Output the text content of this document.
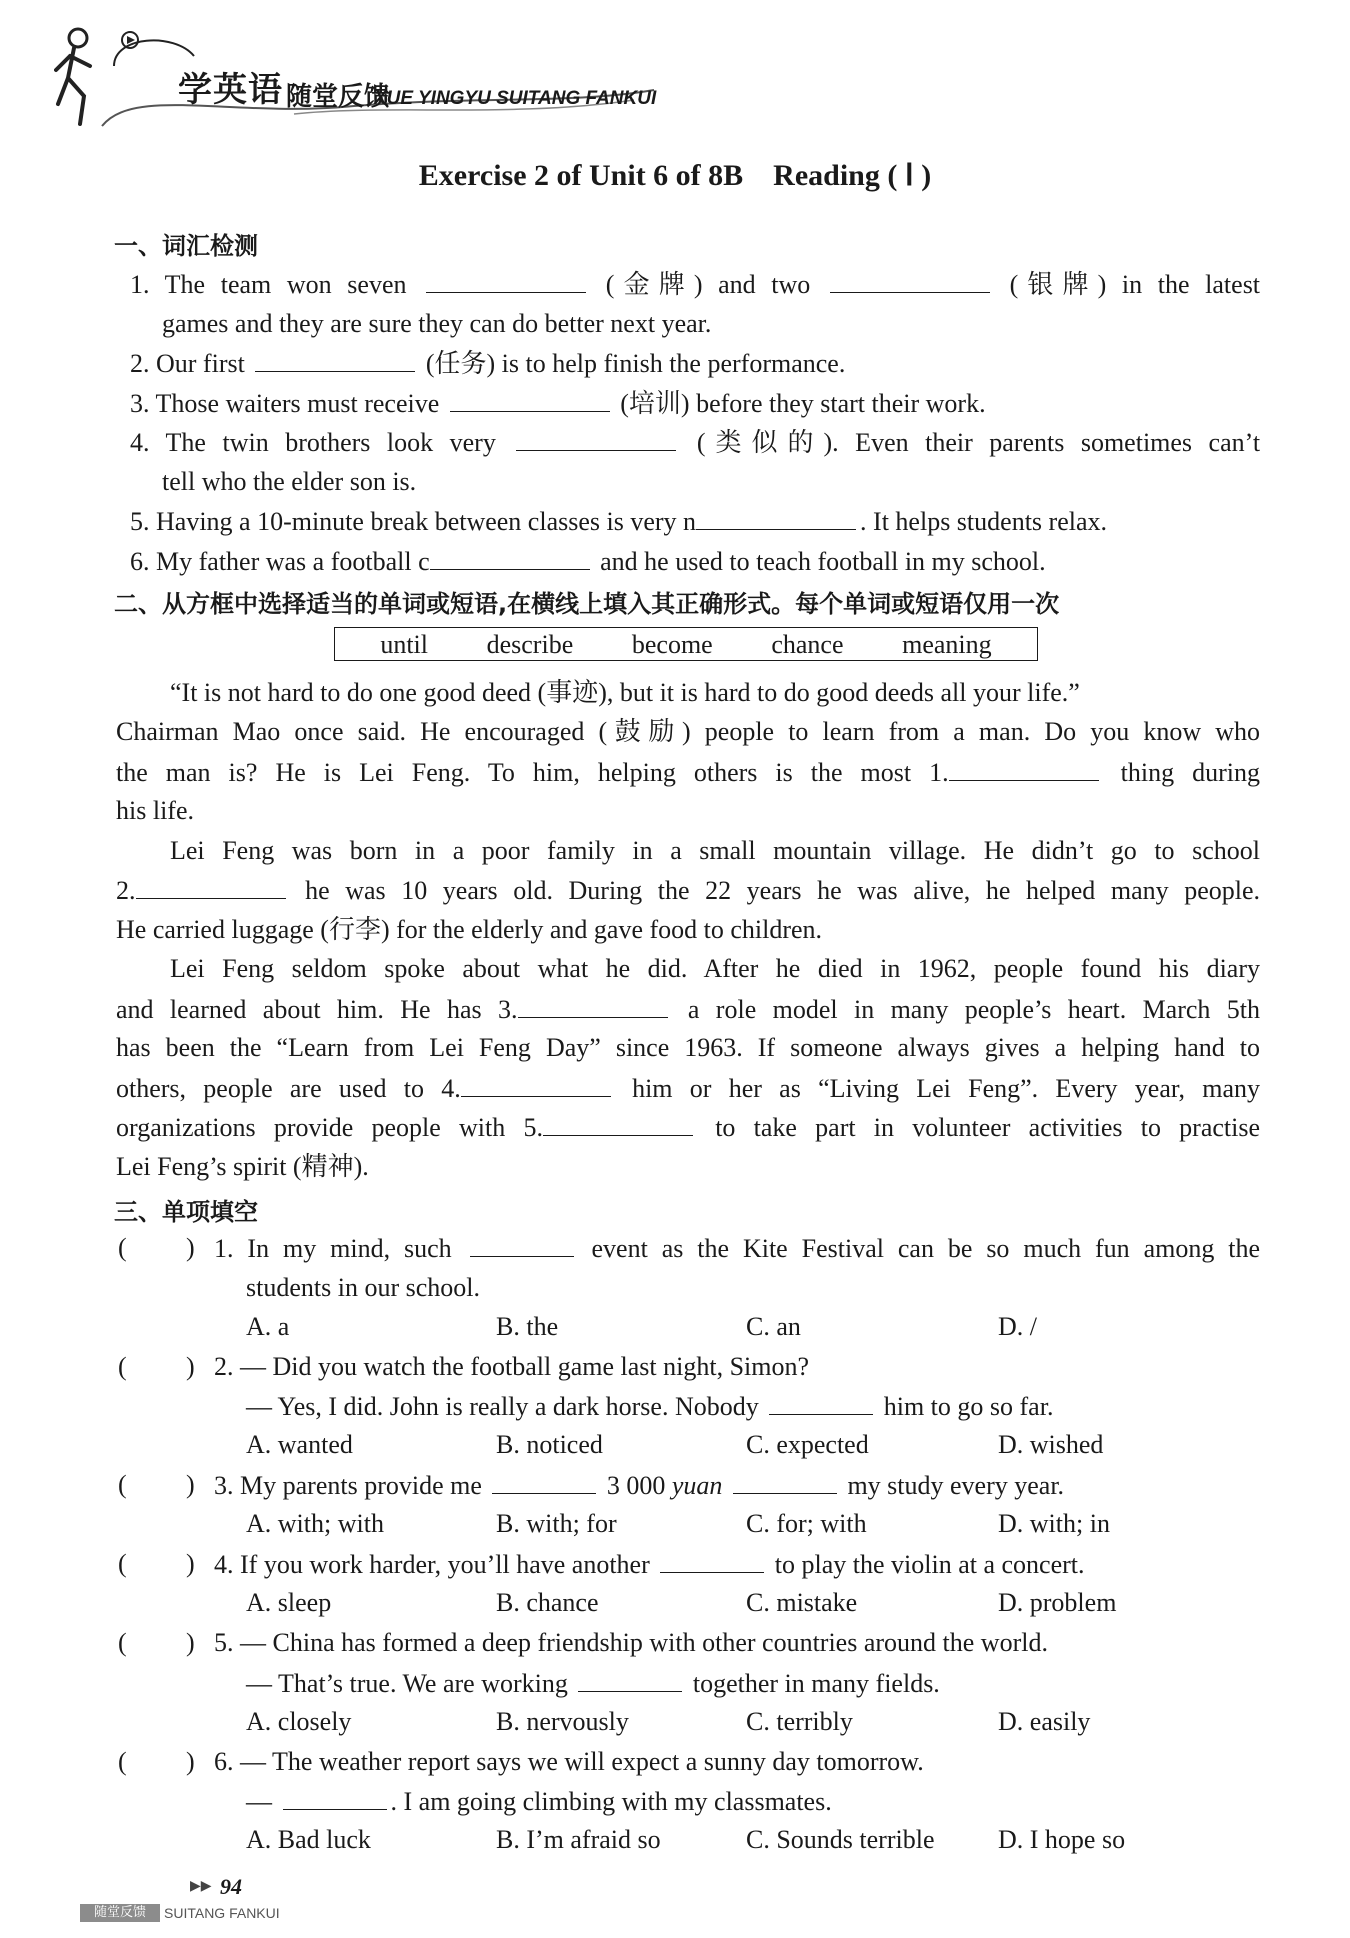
学英语 随堂反馈
XUE YINGYU SUITANG FANKUI
Exercise 2 of Unit 6 of 8B    Reading ( Ⅰ )
一、词汇检测
1. The team won seven	(金牌) and two	(银牌) in the latest
games and they are sure they can do better next year.
2. Our first	(任务) is to help finish the performance.
3. Those waiters must receive	(培训) before they start their work.
4. The twin brothers look very	(类似的). Even their parents sometimes can’t
tell who the elder son is.
5. Having a 10-minute break between classes is very n	. It helps students relax.
6. My father was a football c	and he used to teach football in my school.
二、从方框中选择适当的单词或短语,在横线上填入其正确形式。每个单词或短语仅用一次
until describe become chance meaning
“It is not hard to do one good deed (事迹), but it is hard to do good deeds all your life.”
Chairman Mao once said. He encouraged (鼓励) people to learn from a man. Do you know who
the man is? He is Lei Feng. To him, helping others is the most 1.	thing during
his life.
Lei Feng was born in a poor family in a small mountain village. He didn’t go to school
2.	he was 10 years old. During the 22 years he was alive, he helped many people.
He carried luggage (行李) for the elderly and gave food to children.
Lei Feng seldom spoke about what he did. After he died in 1962, people found his diary
and learned about him. He has 3.	a role model in many people’s heart. March 5th
has been the “Learn from Lei Feng Day” since 1963. If someone always gives a helping hand to
others, people are used to 4.	him or her as “Living Lei Feng”. Every year, many
organizations provide people with 5.	to take part in volunteer activities to practise
Lei Feng’s spirit (精神).
三、单项填空
( ) 1. In my mind, such	event as the Kite Festival can be so much fun among the
students in our school.
A. a	B. the	C. an	D. /
( ) 2. — Did you watch the football game last night, Simon?
— Yes, I did. John is really a dark horse. Nobody	him to go so far.
A. wanted	B. noticed	C. expected	D. wished
( ) 3. My parents provide me	3 000 yuan	my study every year.
A. with; with	B. with; for	C. for; with	D. with; in
( ) 4. If you work harder, you’ll have another	to play the violin at a concert.
A. sleep	B. chance	C. mistake	D. problem
( ) 5. — China has formed a deep friendship with other countries around the world.
— That’s true. We are working	together in many fields.
A. closely	B. nervously	C. terribly	D. easily
( ) 6. — The weather report says we will expect a sunny day tomorrow.
—	. I am going climbing with my classmates.
A. Bad luck	B. I’m afraid so	C. Sounds terrible D. I hope so
▶▶ 94
随堂反馈	SUITANG FANKUI
